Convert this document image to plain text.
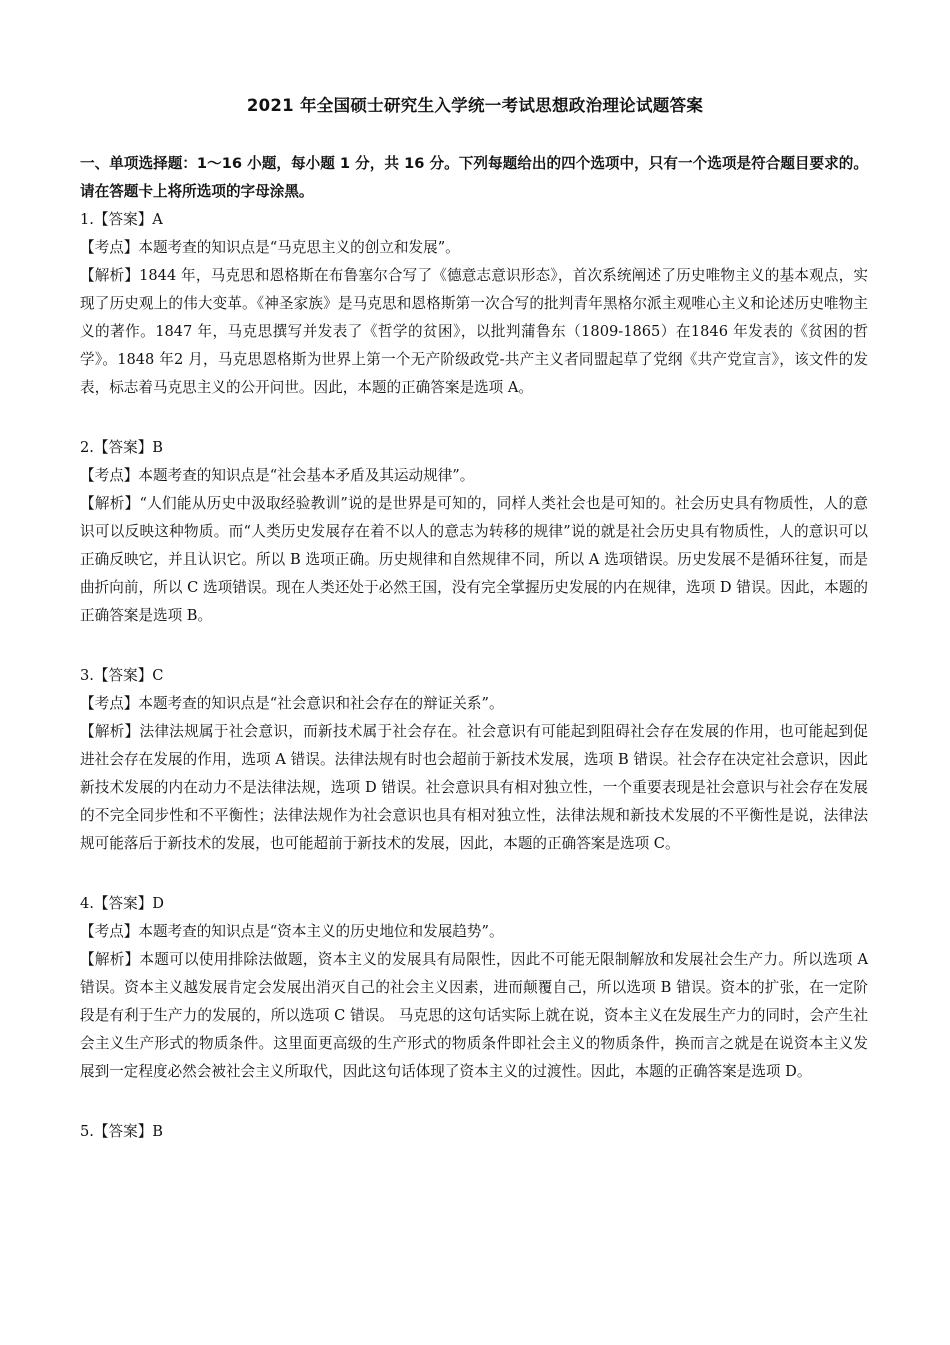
2021 年全国硕士研究生入学统一考试思想政治理论试题答案

一、单项选择题：1～16 小题，每小题 1 分，共 16 分。下列每题给出的四个选项中，只有一个选项是符合题目要求的。请在答题卡上将所选项的字母涂黑。

1.【答案】A

【考点】本题考查的知识点是“马克思主义的创立和发展”。

【解析】1844 年，马克思和恩格斯在布鲁塞尔合写了《德意志意识形态》，首次系统阐述了历史唯物主义的基本观点，实现了历史观上的伟大变革。《神圣家族》是马克思和恩格斯第一次合写的批判青年黑格尔派主观唯心主义和论述历史唯物主义的著作。1847 年，马克思撰写并发表了《哲学的贫困》，以批判蒲鲁东（1809-1865）在1846 年发表的《贫困的哲学》。1848 年2 月，马克思恩格斯为世界上第一个无产阶级政党-共产主义者同盟起草了党纲《共产党宣言》，该文件的发表，标志着马克思主义的公开问世。因此，本题的正确答案是选项 A。

2.【答案】B

【考点】本题考查的知识点是“社会基本矛盾及其运动规律”。

【解析】“人们能从历史中汲取经验教训”说的是世界是可知的，同样人类社会也是可知的。社会历史具有物质性，人的意识可以反映这种物质。而“人类历史发展存在着不以人的意志为转移的规律”说的就是社会历史具有物质性，人的意识可以正确反映它，并且认识它。所以 B 选项正确。历史规律和自然规律不同，所以 A 选项错误。历史发展不是循环往复，而是曲折向前，所以 C 选项错误。现在人类还处于必然王国，没有完全掌握历史发展的内在规律，选项 D 错误。因此，本题的正确答案是选项 B。

3.【答案】C

【考点】本题考查的知识点是“社会意识和社会存在的辩证关系”。

【解析】法律法规属于社会意识，而新技术属于社会存在。社会意识有可能起到阻碍社会存在发展的作用，也可能起到促进社会存在发展的作用，选项 A 错误。法律法规有时也会超前于新技术发展，选项 B 错误。社会存在决定社会意识，因此新技术发展的内在动力不是法律法规，选项 D 错误。社会意识具有相对独立性，一个重要表现是社会意识与社会存在发展的不完全同步性和不平衡性；法律法规作为社会意识也具有相对独立性，法律法规和新技术发展的不平衡性是说，法律法规可能落后于新技术的发展，也可能超前于新技术的发展，因此，本题的正确答案是选项 C。

4.【答案】D

【考点】本题考查的知识点是“资本主义的历史地位和发展趋势”。

【解析】本题可以使用排除法做题，资本主义的发展具有局限性，因此不可能无限制解放和发展社会生产力。所以选项 A 错误。资本主义越发展肯定会发展出消灭自己的社会主义因素，进而颠覆自己，所以选项 B 错误。资本的扩张，在一定阶段是有利于生产力的发展的，所以选项 C 错误。 马克思的这句话实际上就在说，资本主义在发展生产力的同时，会产生社会主义生产形式的物质条件。这里面更高级的生产形式的物质条件即社会主义的物质条件，换而言之就是在说资本主义发展到一定程度必然会被社会主义所取代，因此这句话体现了资本主义的过渡性。因此，本题的正确答案是选项 D。

5.【答案】B
